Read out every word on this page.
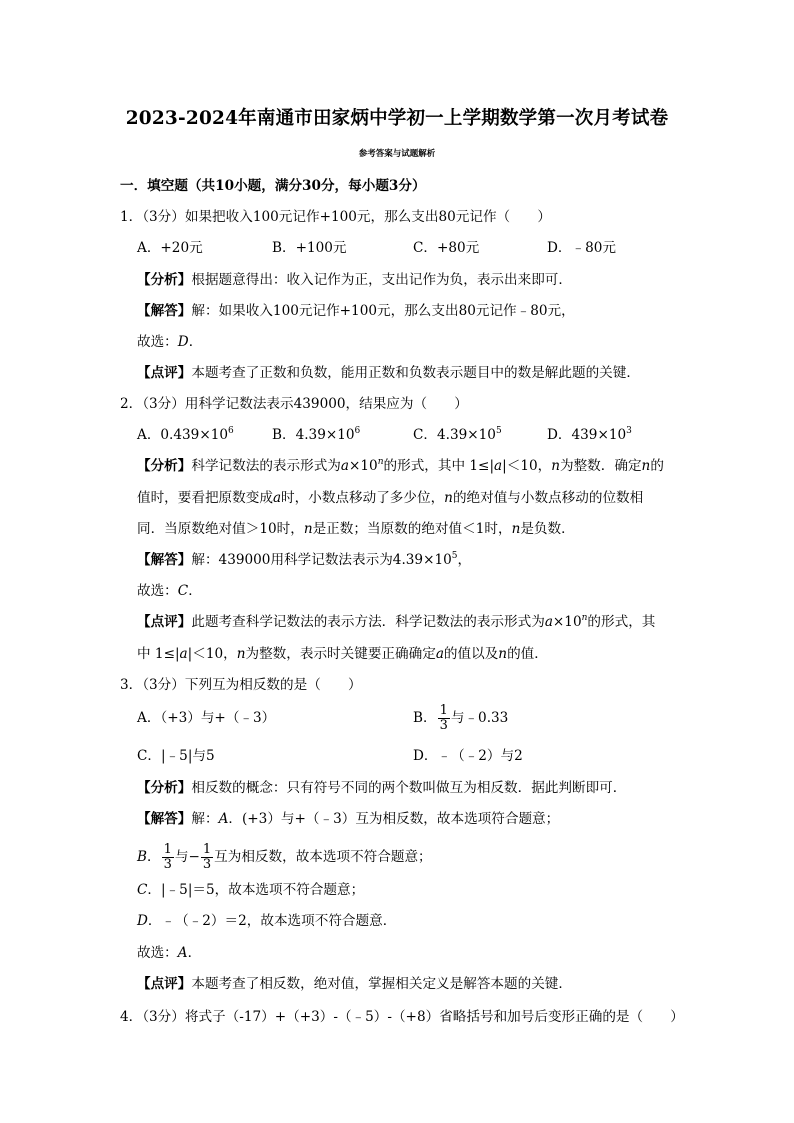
2023-2024年南通市田家炳中学初一上学期数学第一次月考试卷
参考答案与试题解析
一．填空题（共10小题，满分30分，每小题3分）
1．（3分）如果把收入100元记作+100元，那么支出80元记作（　　）
A．+20元	B．+100元	C．+80元	D．﹣80元
【分析】根据题意得出：收入记作为正，支出记作为负，表示出来即可．
【解答】解：如果收入100元记作+100元，那么支出80元记作﹣80元，
故选：D．
【点评】本题考查了正数和负数，能用正数和负数表示题目中的数是解此题的关键．
2．（3分）用科学记数法表示439000，结果应为（　　）
A．$0.439\times 10^6$	B．$4.39\times 10^6$	C．$4.39\times 10^5$	D．$439\times 10^3$
【分析】科学记数法的表示形式为$a\times 10^n$的形式，其中 1≤|a|＜10，n为整数．确定n的
值时，要看把原数变成a时，小数点移动了多少位，n的绝对值与小数点移动的位数相
同．当原数绝对值＞10时，n是正数；当原数的绝对值＜1时，n是负数．
【解答】解：439000用科学记数法表示为$4.39\times 10^5$，
故选：C．
【点评】此题考查科学记数法的表示方法．科学记数法的表示形式为$a\times 10^n$的形式，其
中 1≤|a|＜10，n为整数，表示时关键要正确确定a的值以及n的值．
3．（3分）下列互为相反数的是（　　）
A．（+3）与+（﹣3）	B． $\frac{1}{3}$ 与﹣0.33
C．|﹣5|与5	D．﹣（﹣2）与2
【分析】相反数的概念：只有符号不同的两个数叫做互为相反数．据此判断即可．
【解答】解：A．(+3）与+（﹣3）互为相反数，故本选项符合题意；
B． $\frac{1}{3}$ 与− $\frac{1}{3}$ 互为相反数，故本选项不符合题意；
C．|﹣5|＝5，故本选项不符合题意；
D．﹣（﹣2）＝2，故本选项不符合题意．
故选：A．
【点评】本题考查了相反数，绝对值，掌握相关定义是解答本题的关键．
4．（3分）将式子（-17）+（+3）-（﹣5）-（+8）省略括号和加号后变形正确的是（　　）
